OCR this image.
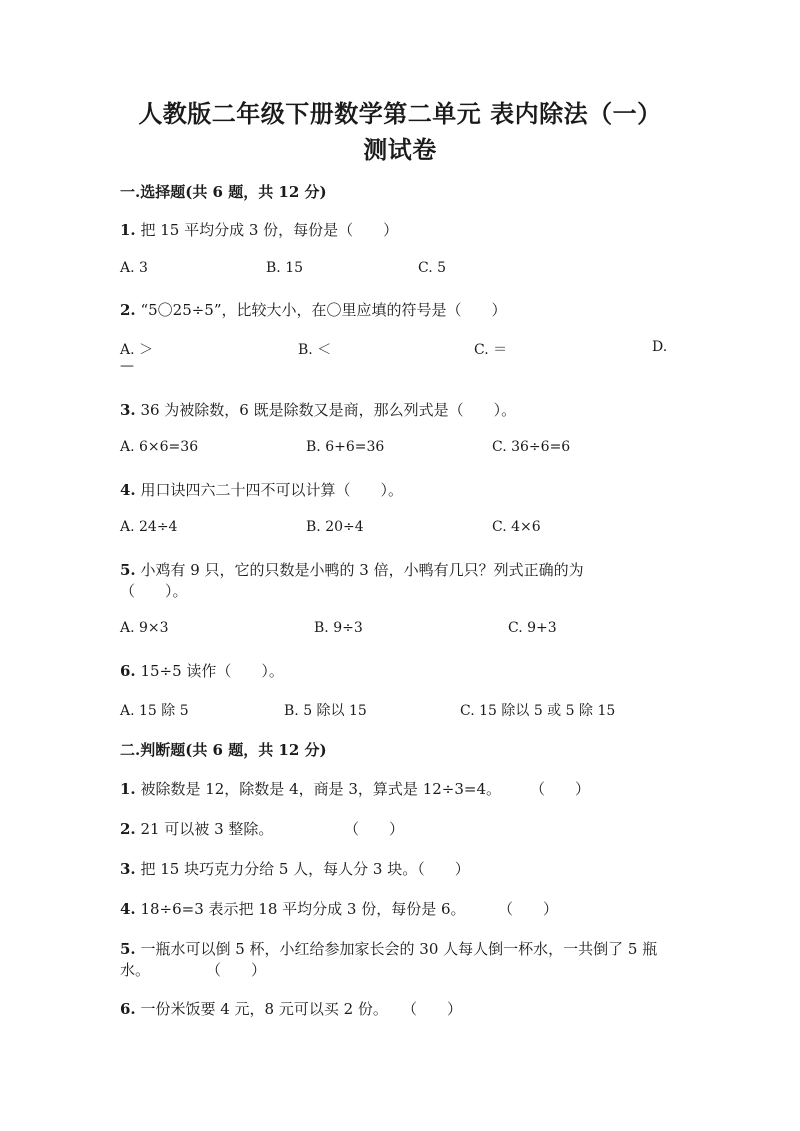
人教版二年级下册数学第二单元 表内除法（一）
测试卷
一.选择题(共 6 题，共 12 分)
1. 把 15 平均分成 3 份，每份是（　　）
A. 3	B. 15	C. 5
2. “5〇25÷5”，比较大小，在〇里应填的符号是（　　）
A. ＞	B. ＜	C. ＝	D.
—
3. 36 为被除数，6 既是除数又是商，那么列式是（　　）。
A. 6×6=36	B. 6+6=36	C. 36÷6=6
4. 用口诀四六二十四不可以计算（　　）。
A. 24÷4	B. 20÷4	C. 4×6
5. 小鸡有 9 只，它的只数是小鸭的 3 倍，小鸭有几只？列式正确的为
（　　）。
A. 9×3	B. 9÷3	C. 9+3
6. 15÷5 读作（　　）。
A. 15 除 5	B. 5 除以 15	C. 15 除以 5 或 5 除 15
二.判断题(共 6 题，共 12 分)
1. 被除数是 12，除数是 4，商是 3，算式是 12÷3=4。 （　　）
2. 21 可以被 3 整除。	（　　）
3. 把 15 块巧克力分给 5 人，每人分 3 块。（　　）
4. 18÷6=3 表示把 18 平均分成 3 份，每份是 6。 （　　）
5. 一瓶水可以倒 5 杯，小红给参加家长会的 30 人每人倒一杯水，一共倒了 5 瓶
水。	（　　）
6. 一份米饭要 4 元，8 元可以买 2 份。 （　　）
